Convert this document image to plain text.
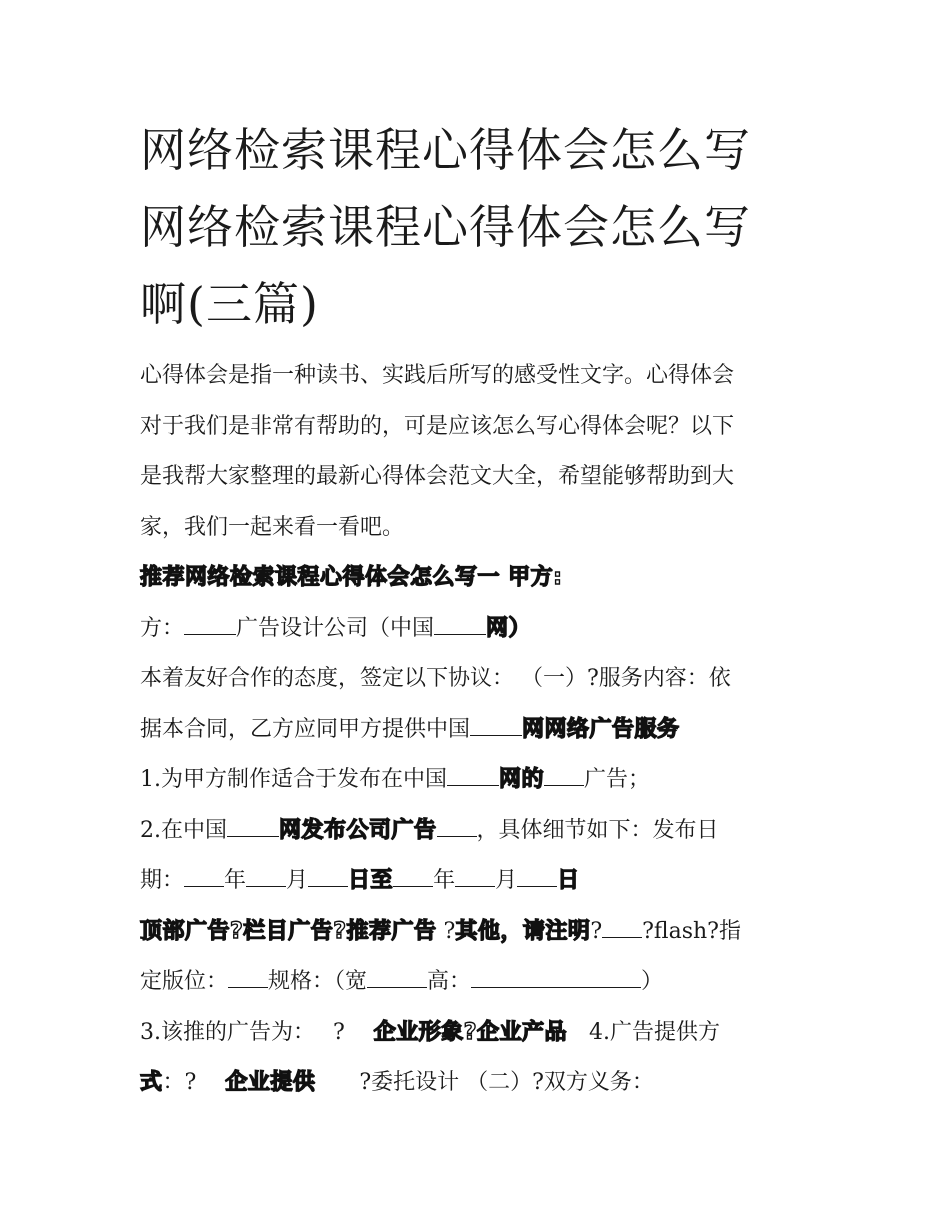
网络检索课程心得体会怎么写
网络检索课程心得体会怎么写
啊(三篇)

心得体会是指一种读书、实践后所写的感受性文字。心得体会

对于我们是非常有帮助的，可是应该怎么写心得体会呢？以下

是我帮大家整理的最新心得体会范文大全，希望能够帮助到大

家，我们一起来看一看吧。

推荐网络检索课程心得体会怎么写一 甲方:

方： 广告设计公司（中国 网）

本着友好合作的态度，签定以下协议： （一）?服务内容：依

据本合同，乙方应同甲方提供中国 网网络广告服务

1.为甲方制作适合于发布在中国 网的 广告；

2.在中国 网发布公司广告 ，具体细节如下：发布日

期： 年 月 日至 年 月 日

顶部广告?栏目广告?推荐广告 ?其他，请注明? ?flash?指

定版位： 规格：（宽	高：	）

3.该推的广告为：　 ? 　企业形象?企业产品　4.广告提供方

式：? 　企业提供　　?委托设计 （二）?双方义务：
